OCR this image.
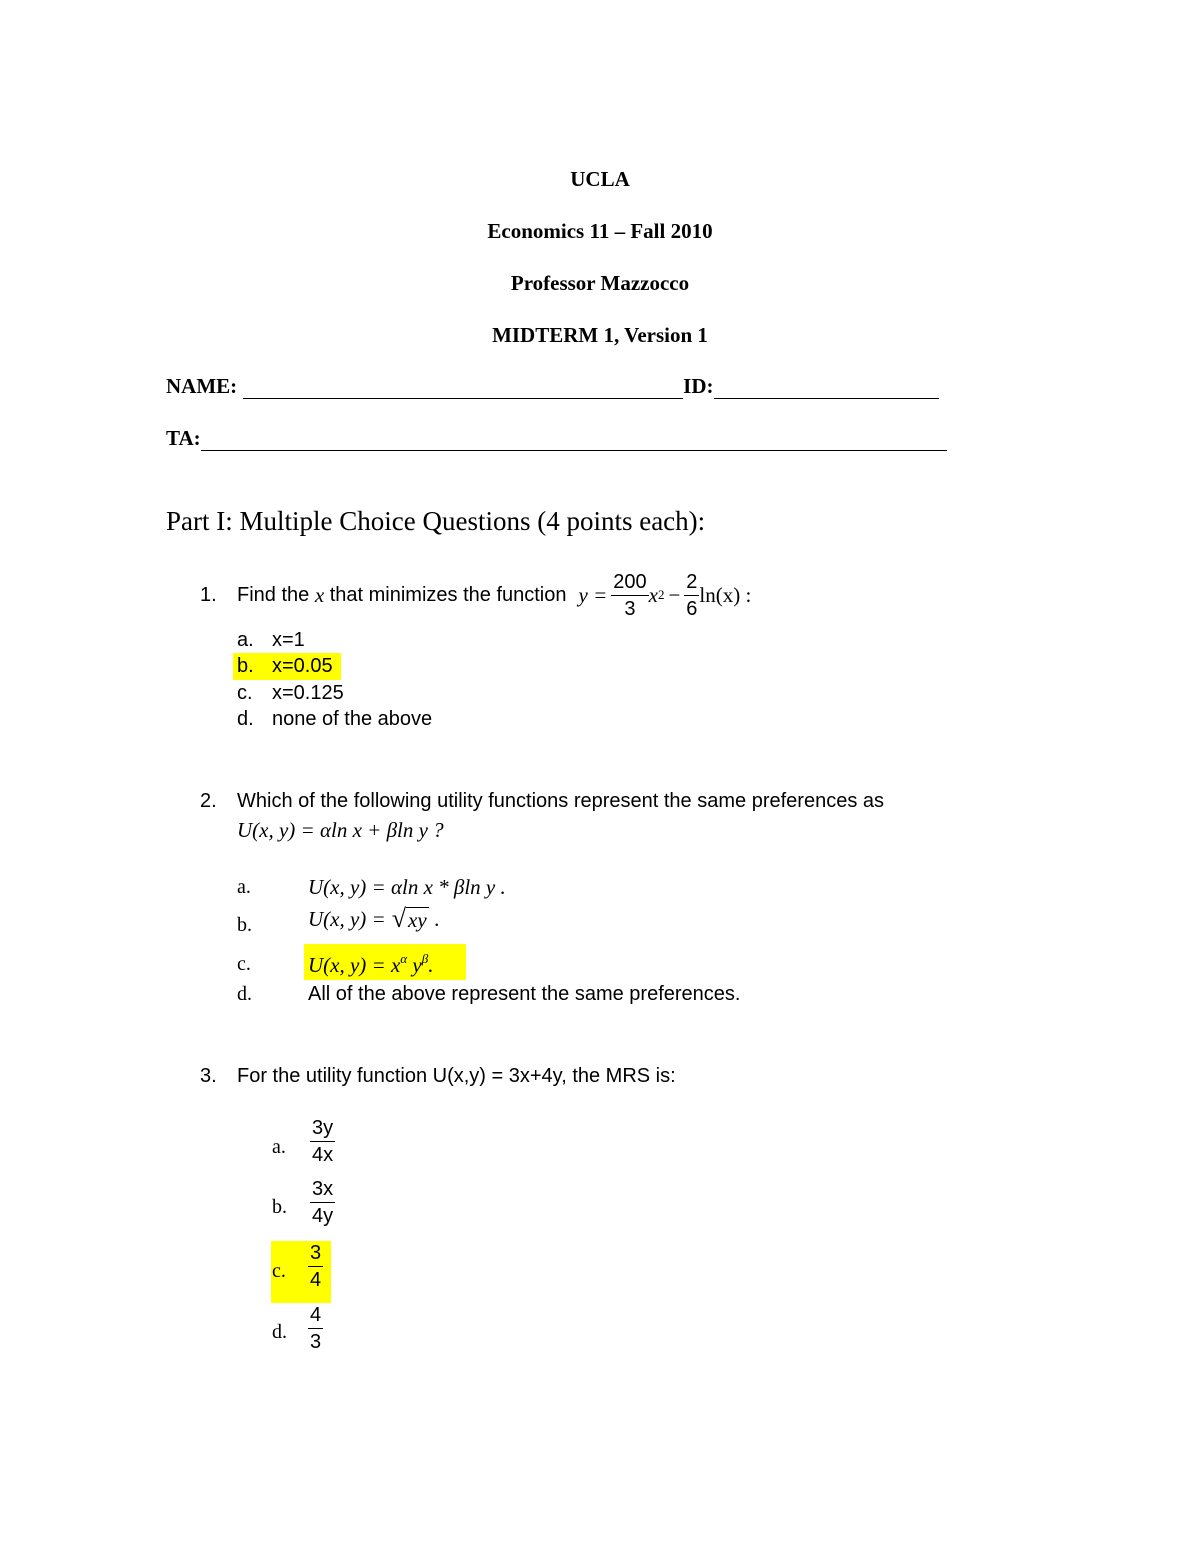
UCLA
Economics 11 – Fall 2010
Professor Mazzocco
MIDTERM 1, Version 1
NAME:	ID:
TA:
Part I: Multiple Choice Questions (4 points each):
1. Find the
x
that minimizes the function $y = \frac{200}{3}$ x $2 - \frac{2}{6} \ln(x)$ :
a. x=1
b. x=0.05
c. x=0.125
d. none of the above
2. Which of the following utility functions represent the same preferences as
U(x, y) = αln x + βln y ?
a.	U(x, y) = αln x * βln y .
b.	U(x, y) = √ xy .
c.	U(x, $y) = x^\alpha$ $y^\beta$.
d.	All of the above represent the same preferences.
3. For the utility function U(x,y) = 3x+4y, the MRS is:
a. $\frac{3y}{4x}$
b. $\frac{3x}{4y}$
c. $\frac{3}{4}$
d. $\frac{4}{3}$
